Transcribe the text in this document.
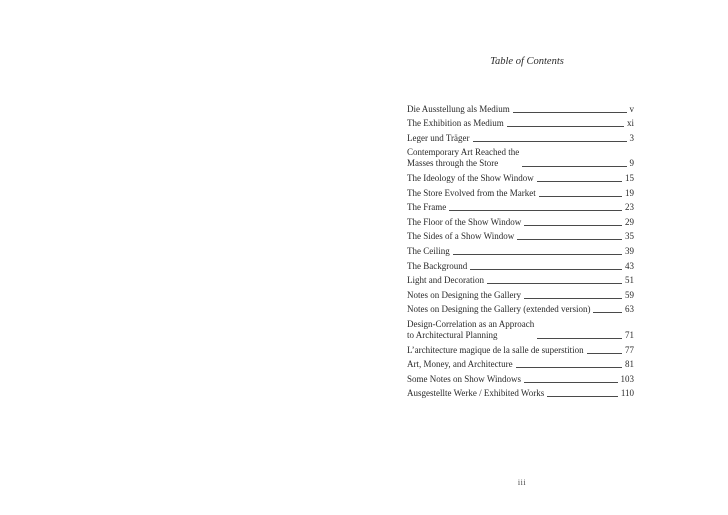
Table of Contents
Die Ausstellung als Medium	v
The Exhibition as Medium	xi
Leger und Träger	3
Contemporary Art Reached the
Masses through the Store	9
The Ideology of the Show Window	15
The Store Evolved from the Market	19
The Frame	23
The Floor of the Show Window	29
The Sides of a Show Window	35
The Ceiling	39
The Background	43
Light and Decoration	51
Notes on Designing the Gallery	59
Notes on Designing the Gallery (extended version)	63
Design-Correlation as an Approach
to Architectural Planning	71
L’architecture magique de la salle de superstition	77
Art, Money, and Architecture	81
Some Notes on Show Windows	103
Ausgestellte Werke / Exhibited Works	110
iii
